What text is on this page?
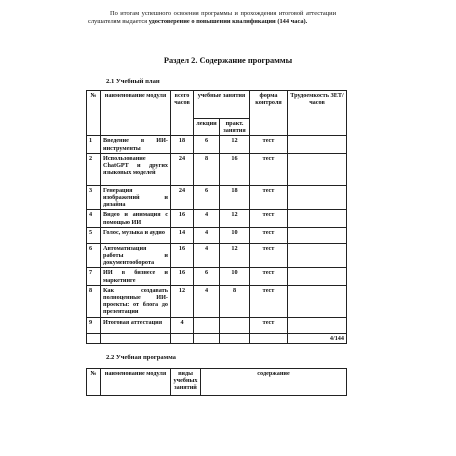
По итогам успешного освоения программы и прохождения итоговой аттестации слушателям выдается удостоверение о повышении квалификации (144 часа).
Раздел 2. Содержание программы
2.1 Учебный план
№	наименование модуля	всего часов	учебные занятия		форма контроля	Трудоемкость ЗЕТ/часов
			лекции	практ. занятия		
1	Введение в ИИ-инструменты	18	6	12	тест	
2	Использование ChatGPT и других языковых моделей	24	8	16	тест	
3	Генерация изображений и дизайна	24	6	18	тест	
4	Видео и анимация с помощью ИИ	16	4	12	тест	
5	Голос, музыка и аудио	14	4	10	тест	
6	Автоматизация работы и документооборота	16	4	12	тест	
7	ИИ в бизнесе и маркетинге	16	6	10	тест	
8	Как создавать полноценные ИИ-проекты: от блога до презентации	12	4	8	тест	
9	Итоговая аттестация	4			тест	
						4/144
2.2 Учебная программа
№	наименование модуля	виды учебных занятий	содержание
